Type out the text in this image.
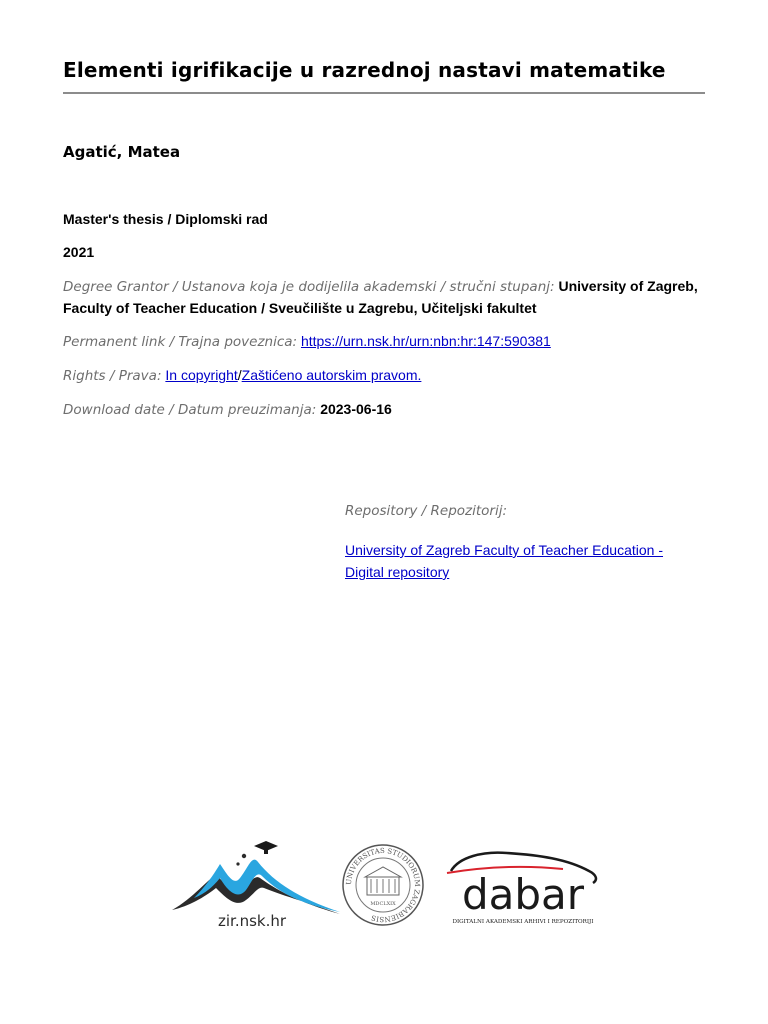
Elementi igrifikacije u razrednoj nastavi matematike
Agatić, Matea
Master's thesis / Diplomski rad
2021
Degree Grantor / Ustanova koja je dodijelila akademski / stručni stupanj: University of Zagreb, Faculty of Teacher Education / Sveučilište u Zagrebu, Učiteljski fakultet
Permanent link / Trajna poveznica: https://urn.nsk.hr/urn:nbn:hr:147:590381
Rights / Prava: In copyright/Zaštićeno autorskim pravom.
Download date / Datum preuzimanja: 2023-06-16
Repository / Repozitorij:
University of Zagreb Faculty of Teacher Education -
Digital repository
zir.nsk.hr
UNIVERSITAS STUDIORUM ZAGRABIENSIS
MDCLXIX dabar
DIGITALNI AKADEMSKI ARHIVI I REPOZITORIJI
